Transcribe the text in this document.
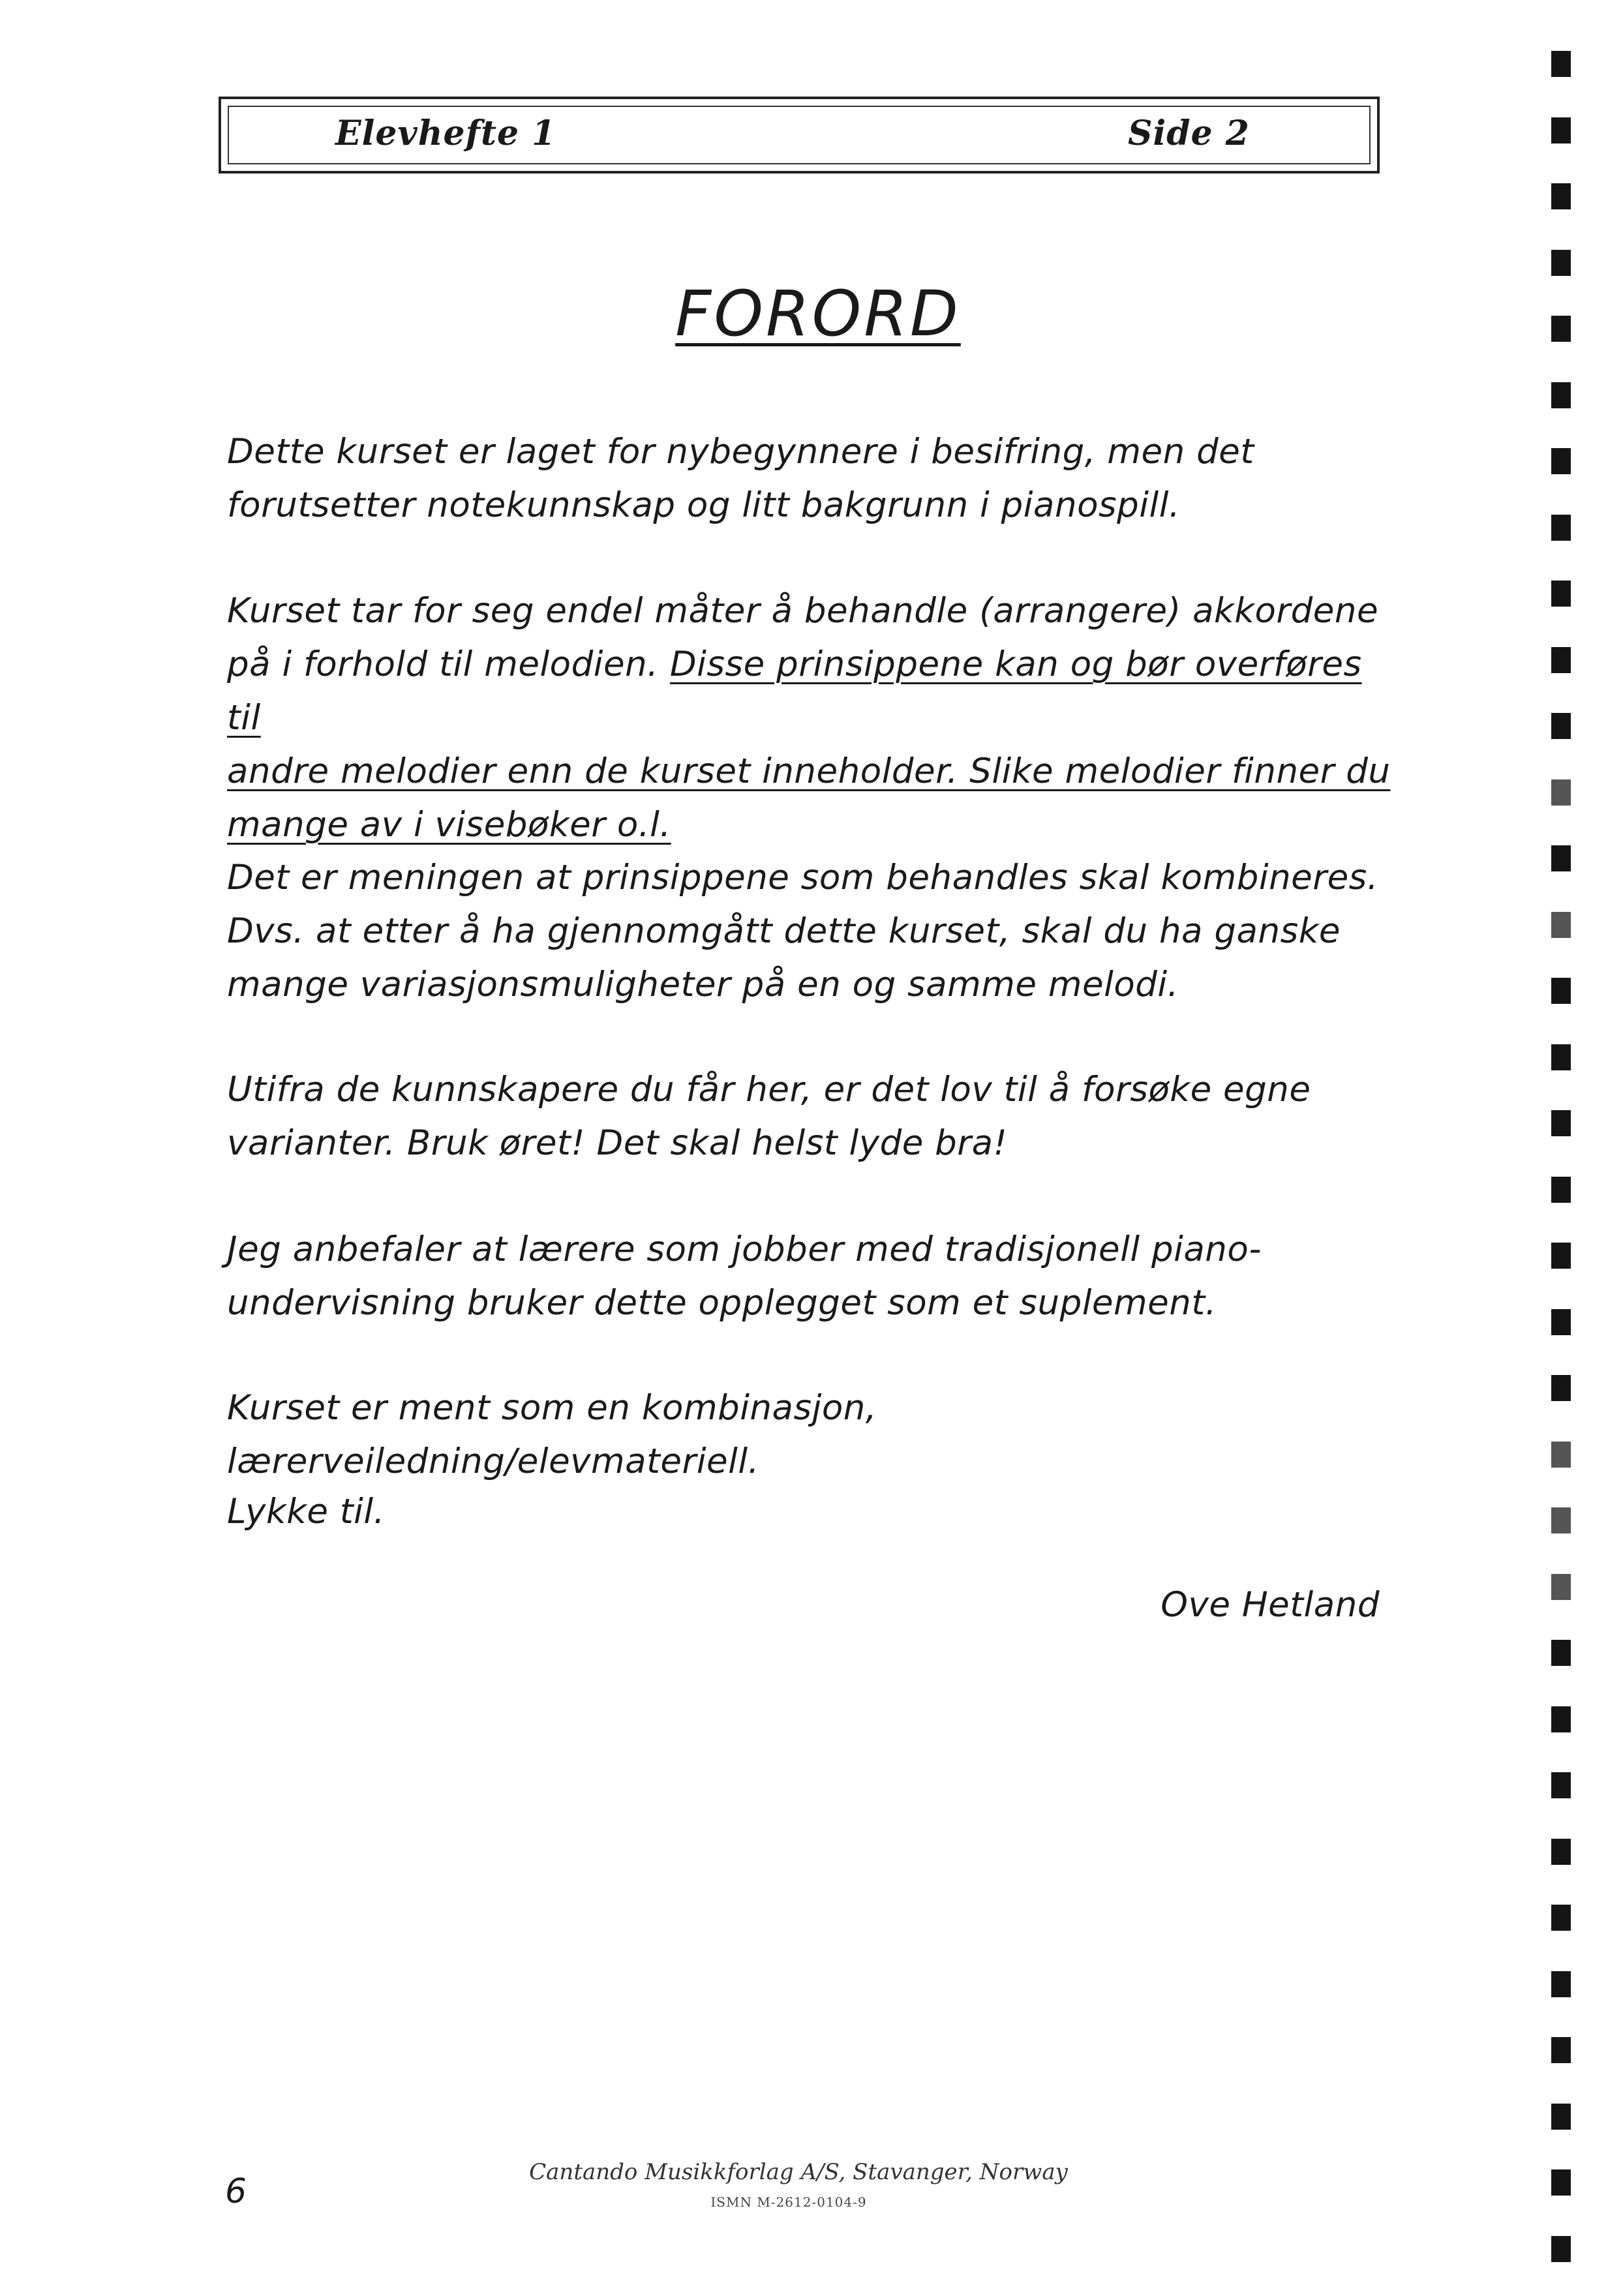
Elevhefte 1	Side 2
FORORD

Dette kurset er laget for nybegynnere i besifring, men det

forutsetter notekunnskap og litt bakgrunn i pianospill.

Kurset tar for seg endel måter å behandle (arrangere) akkordene

på i forhold til melodien. Disse prinsippene kan og bør overføres til

andre melodier enn de kurset inneholder. Slike melodier finner du

mange av i visebøker o.l.

Det er meningen at prinsippene som behandles skal kombineres.

Dvs. at etter å ha gjennomgått dette kurset, skal du ha ganske

mange variasjonsmuligheter på en og samme melodi.

Utifra de kunnskapere du får her, er det lov til å forsøke egne

varianter. Bruk øret! Det skal helst lyde bra!

Jeg anbefaler at lærere som jobber med tradisjonell piano-

undervisning bruker dette opplegget som et suplement.

Kurset er ment som en kombinasjon, lærerveiledning/elevmateriell.

Lykke til.

Ove Hetland
6	Cantando Musikkforlag A/S, Stavanger, Norway
ISMN M-2612-0104-9
